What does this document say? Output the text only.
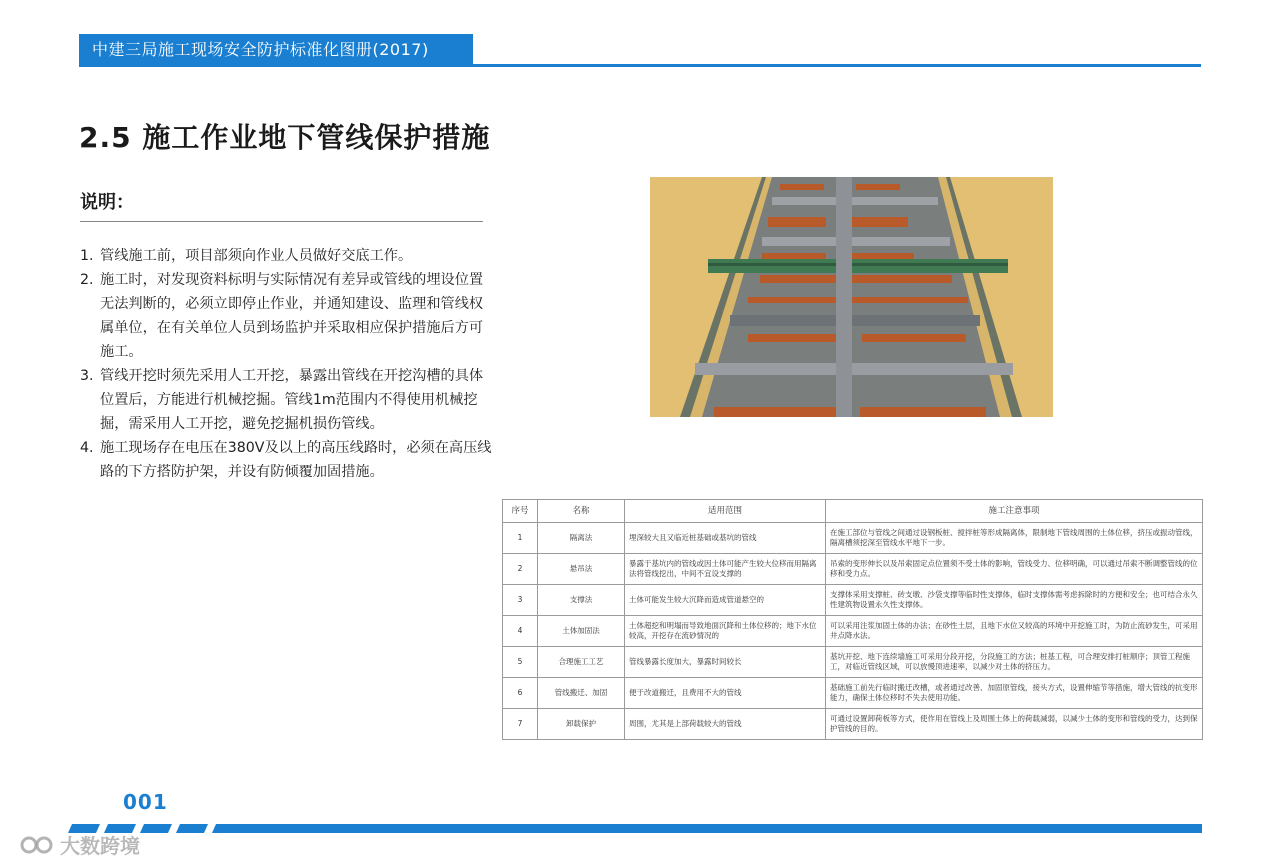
中建三局施工现场安全防护标准化图册(2017)
2.5 施工作业地下管线保护措施
说明：
1. 管线施工前，项目部须向作业人员做好交底工作。
2. 施工时，对发现资料标明与实际情况有差异或管线的埋设位置无法判断的，必须立即停止作业，并通知建设、监理和管线权属单位，在有关单位人员到场监护并采取相应保护措施后方可施工。
3. 管线开挖时须先采用人工开挖，暴露出管线在开挖沟槽的具体位置后，方能进行机械挖掘。管线1m范围内不得使用机械挖掘，需采用人工开挖，避免挖掘机损伤管线。
4. 施工现场存在电压在380V及以上的高压线路时，必须在高压线路的下方搭防护架，并设有防倾覆加固措施。
序号	名称	适用范围	施工注意事项
1	隔离法	埋深较大且又临近桩基础或基坑的管线	在施工部位与管线之间通过设钢板桩、搅拌桩等形成隔离体，限制地下管线周围的土体位移，挤压或振动管线，隔离槽须挖深至管线水平地下一步。
2	悬吊法	暴露于基坑内的管线或因土体可能产生较大位移而用隔离法将管线挖出，中间不宜设支撑的	吊索的变形伸长以及吊索固定点位置须不受土体的影响，管线受力、位移明确，可以通过吊索不断调整管线的位移和受力点。
3	支撑法	土体可能发生较大沉降而造成管道悬空的	支撑体采用支撑桩、砖支墩、沙袋支撑等临时性支撑体，临时支撑体需考虑拆除时的方便和安全；也可结合永久性建筑物设置永久性支撑体。
4	土体加固法	土体超挖和明塌而导致地面沉降和土体位移的；地下水位较高，开挖存在流砂情况的	可以采用注浆加固土体的办法；在砂性土层，且地下水位又较高的环境中开挖施工时，为防止流砂发生，可采用井点降水法。
5	合理施工工艺	管线暴露长度加大，暴露时间较长	基坑开挖、地下连续墙施工可采用分段开挖，分段施工的方法；桩基工程，可合理安排打桩顺序；顶管工程施工，对临近管线区域，可以放慢顶进速率，以减少对土体的挤压力。
6	管线搬迁、加固	便于改道搬迁，且费用不大的管线	基础施工前先行临时搬迁改槽，或者通过改善、加固原管线，接头方式，设置伸缩节等措施，增大管线的抗变形能力，确保土体位移时不失去使用功能。
7	卸载保护	周围，尤其是上部荷载较大的管线	可通过设置卸荷板等方式，使作用在管线上及周围土体上的荷载减弱，以减少土体的变形和管线的受力，达到保护管线的目的。
001
大数跨境
